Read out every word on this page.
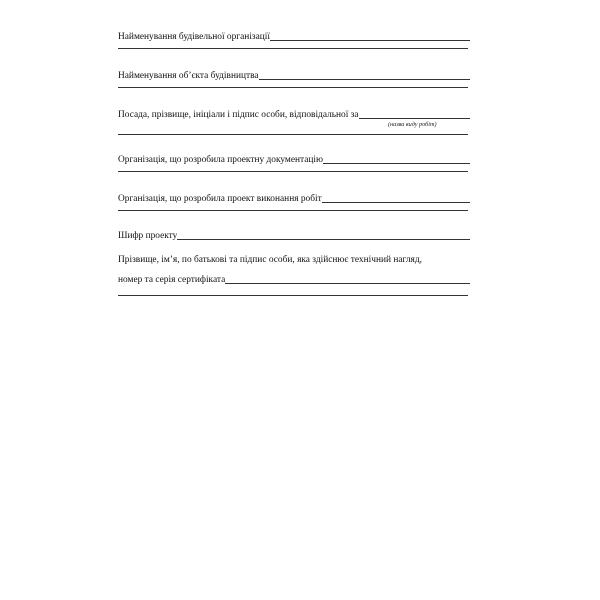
Найменування будівельної організації
Найменування об’єкта будівництва
Посада, прізвище, ініціали і підпис особи, відповідальної за
(назва виду робіт)
Організація, що розробила проектну документацію
Організація, що розробила проект виконання робіт
Шифр проекту
Прізвище, ім’я, по батькові та підпис особи, яка здійснює технічний нагляд,
номер та серія сертифіката
